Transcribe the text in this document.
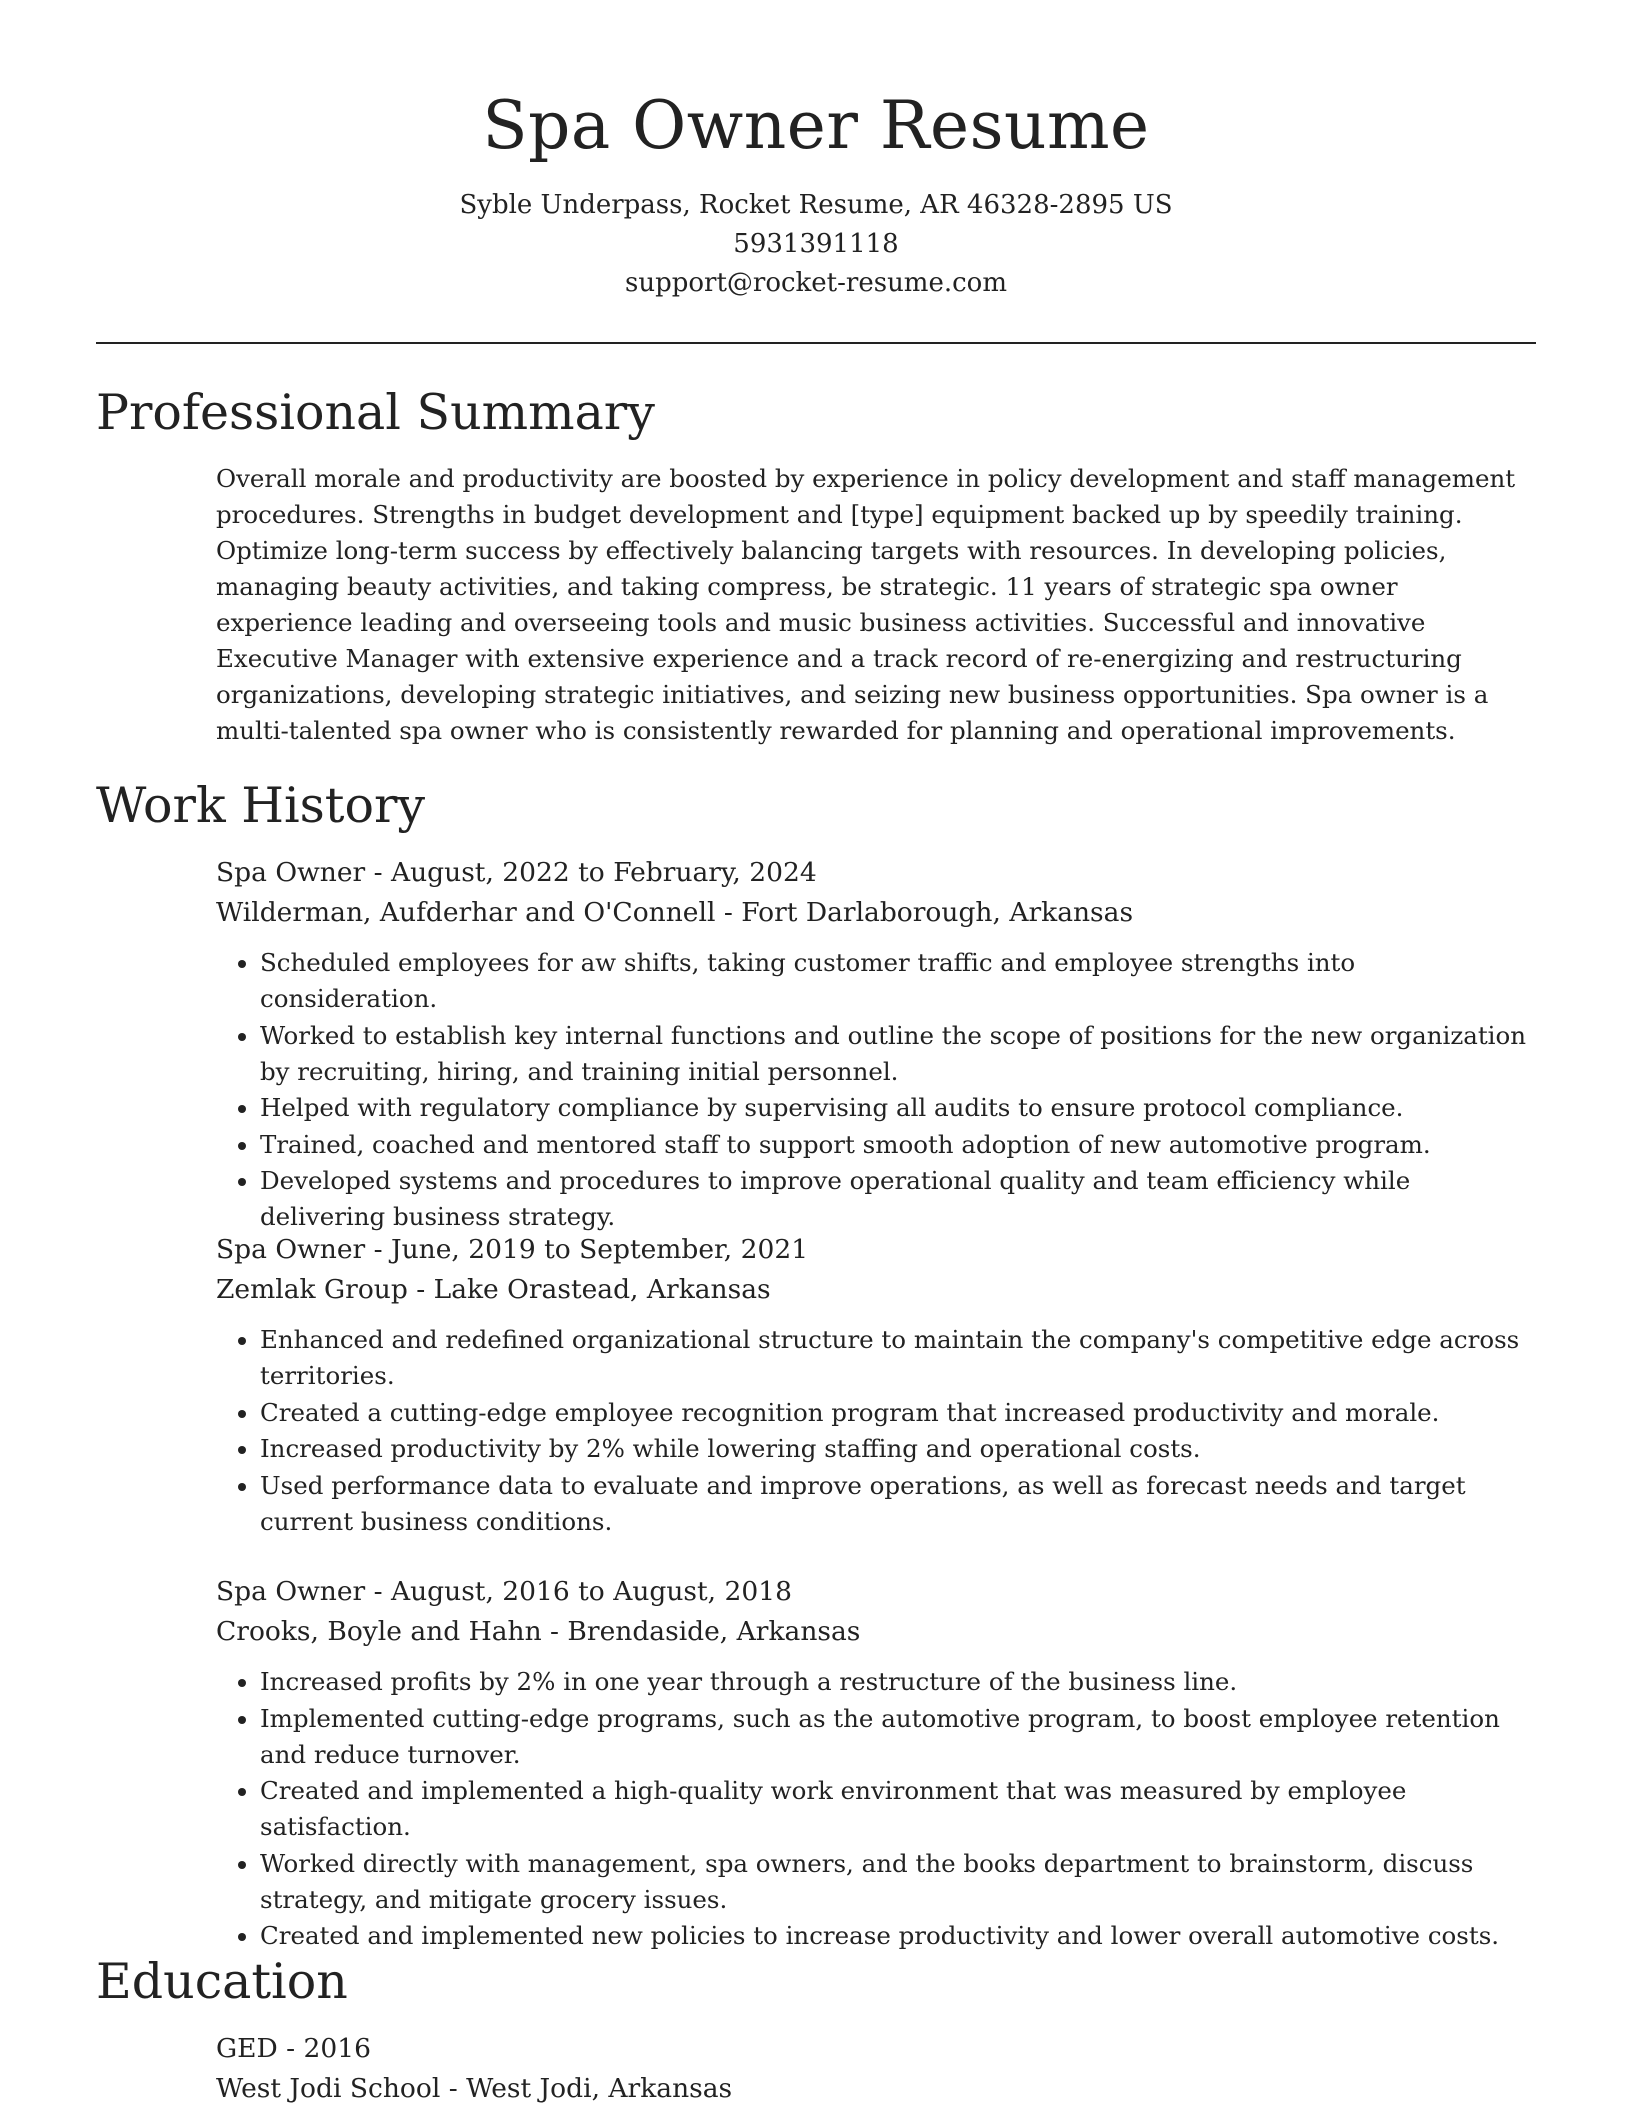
Spa Owner Resume
Syble Underpass, Rocket Resume, AR 46328-2895 US
5931391118
support@rocket-resume.com
Professional Summary

Overall morale and productivity are boosted by experience in policy development and staff management procedures. Strengths in budget development and [type] equipment backed up by speedily training. Optimize long-term success by effectively balancing targets with resources. In developing policies, managing beauty activities, and taking compress, be strategic. 11 years of strategic spa owner experience leading and overseeing tools and music business activities. Successful and innovative Executive Manager with extensive experience and a track record of re-energizing and restructuring organizations, developing strategic initiatives, and seizing new business opportunities. Spa owner is a multi-talented spa owner who is consistently rewarded for planning and operational improvements.

Work History
Spa Owner - August, 2022 to February, 2024
Wilderman, Aufderhar and O'Connell - Fort Darlaborough, Arkansas
• Scheduled employees for aw shifts, taking customer traffic and employee strengths into consideration.
• Worked to establish key internal functions and outline the scope of positions for the new organization by recruiting, hiring, and training initial personnel.
• Helped with regulatory compliance by supervising all audits to ensure protocol compliance.
• Trained, coached and mentored staff to support smooth adoption of new automotive program.
• Developed systems and procedures to improve operational quality and team efficiency while delivering business strategy.
Spa Owner - June, 2019 to September, 2021
Zemlak Group - Lake Orastead, Arkansas
• Enhanced and redefined organizational structure to maintain the company's competitive edge across territories.
• Created a cutting-edge employee recognition program that increased productivity and morale.
• Increased productivity by 2% while lowering staffing and operational costs.
• Used performance data to evaluate and improve operations, as well as forecast needs and target current business conditions.
Spa Owner - August, 2016 to August, 2018
Crooks, Boyle and Hahn - Brendaside, Arkansas
• Increased profits by 2% in one year through a restructure of the business line.
• Implemented cutting-edge programs, such as the automotive program, to boost employee retention and reduce turnover.
• Created and implemented a high-quality work environment that was measured by employee satisfaction.
• Worked directly with management, spa owners, and the books department to brainstorm, discuss strategy, and mitigate grocery issues.
• Created and implemented new policies to increase productivity and lower overall automotive costs.
Education
GED - 2016
West Jodi School - West Jodi, Arkansas
